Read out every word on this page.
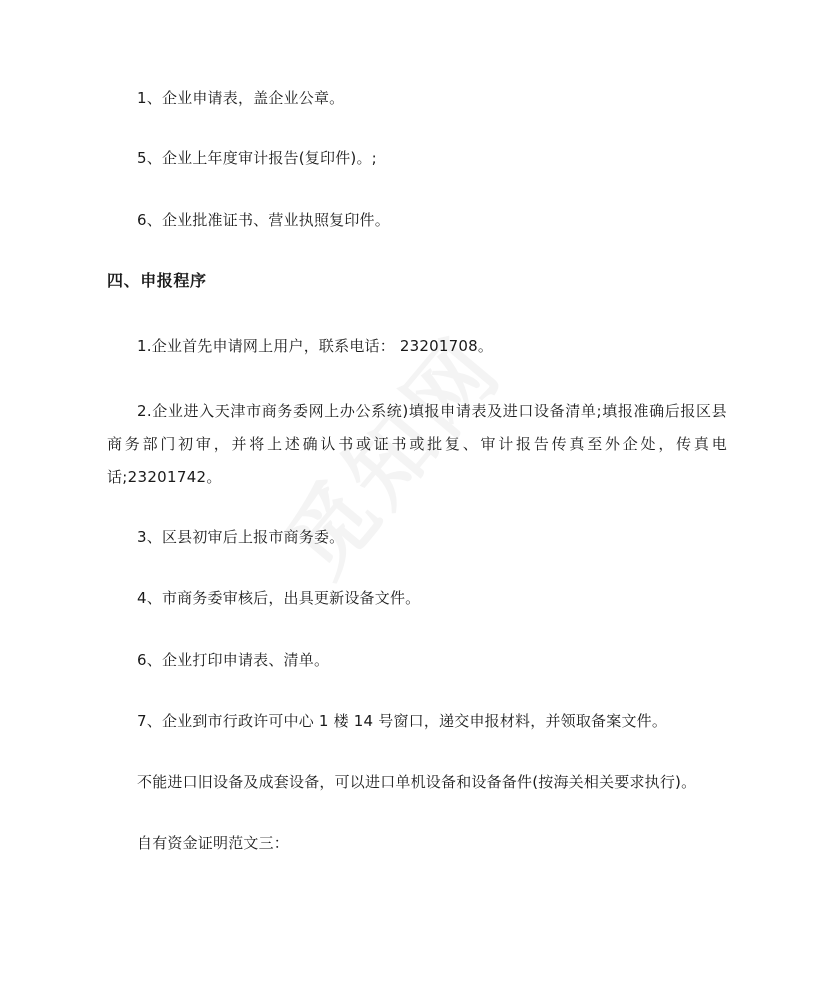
1、企业申请表，盖企业公章。
5、企业上年度审计报告(复印件)。;
6、企业批准证书、营业执照复印件。
四、申报程序
1.企业首先申请网上用户，联系电话： 23201708。
2.企业进入天津市商务委网上办公系统)填报申请表及进口设备清单;填报准确后报区县商务部门初审，并将上述确认书或证书或批复、审计报告传真至外企处，传真电话;23201742。
3、区县初审后上报市商务委。
4、市商务委审核后，出具更新设备文件。
6、企业打印申请表、清单。
7、企业到市行政许可中心 1 楼 14 号窗口，递交申报材料，并领取备案文件。
不能进口旧设备及成套设备，可以进口单机设备和设备备件(按海关相关要求执行)。
自有资金证明范文三：
